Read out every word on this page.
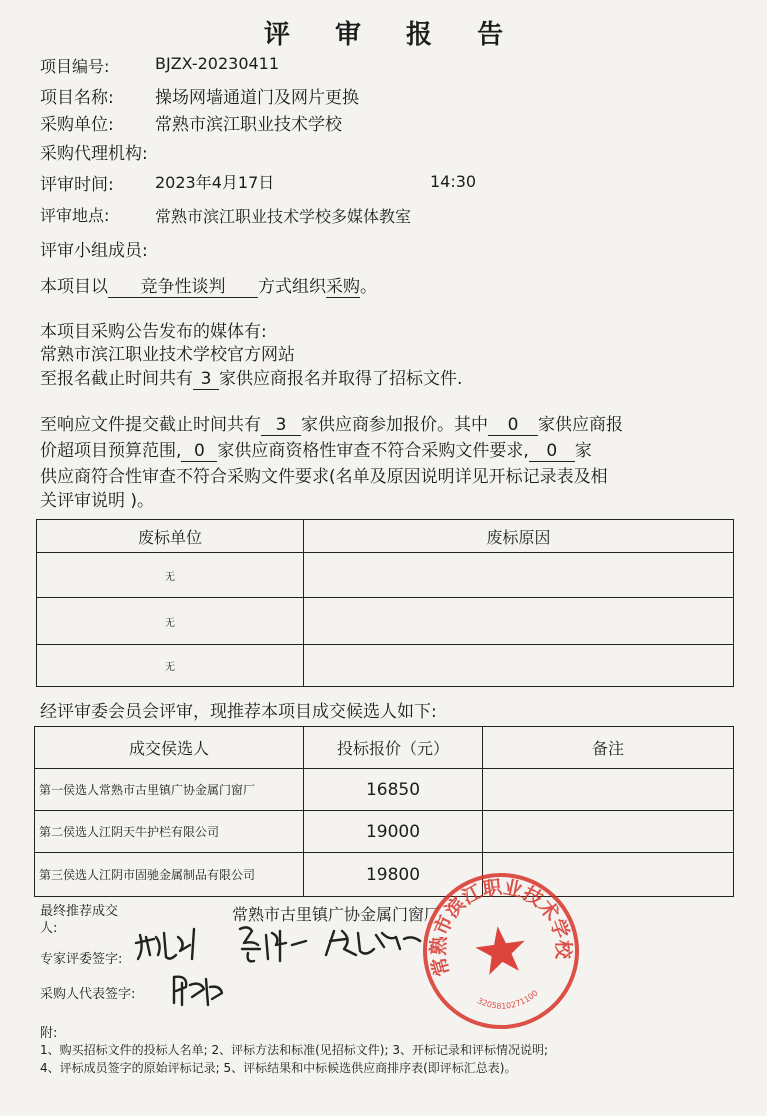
评 审 报 告
项目编号:	BJZX-20230411
项目名称: 操场网墙通道门及网片更换
采购单位: 常熟市滨江职业技术学校
采购代理机构:
评审时间:	2023年4月17日	14:30
评审地点:	常熟市滨江职业技术学校多媒体教室
评审小组成员:
本项目以 竞争性谈判 方式组织采购。
本项目采购公告发布的媒体有:
常熟市滨江职业技术学校官方网站
至报名截止时间共有 3 家供应商报名并取得了招标文件.
至响应文件提交截止时间共有 3 家供应商参加报价。其中 0 家供应商报
价超项目预算范围, 0 家供应商资格性审查不符合采购文件要求, 0 家
供应商符合性审查不符合采购文件要求(名单及原因说明详见开标记录表及相
关评审说明 )。
废标单位	废标原因
无	
无	
无	
经评审委会员会评审，现推荐本项目成交候选人如下:
成交侯选人	投标报价（元）	备注
第一侯选人常熟市古里镇广协金属门窗厂	16850	
第二侯选人江阴天牛护栏有限公司	19000	
第三侯选人江阴市固驰金属制品有限公司	19800	
最终推荐成交
人:
常熟市古里镇广协金属门窗厂
专家评委签字:
采购人代表签字:
常熟市滨江职业技术学校
3205810271100
附:
1、购买招标文件的投标人名单; 2、评标方法和标准(见招标文件); 3、开标记录和评标情况说明;
4、评标成员签字的原始评标记录; 5、评标结果和中标候选供应商排序表(即评标汇总表)。
